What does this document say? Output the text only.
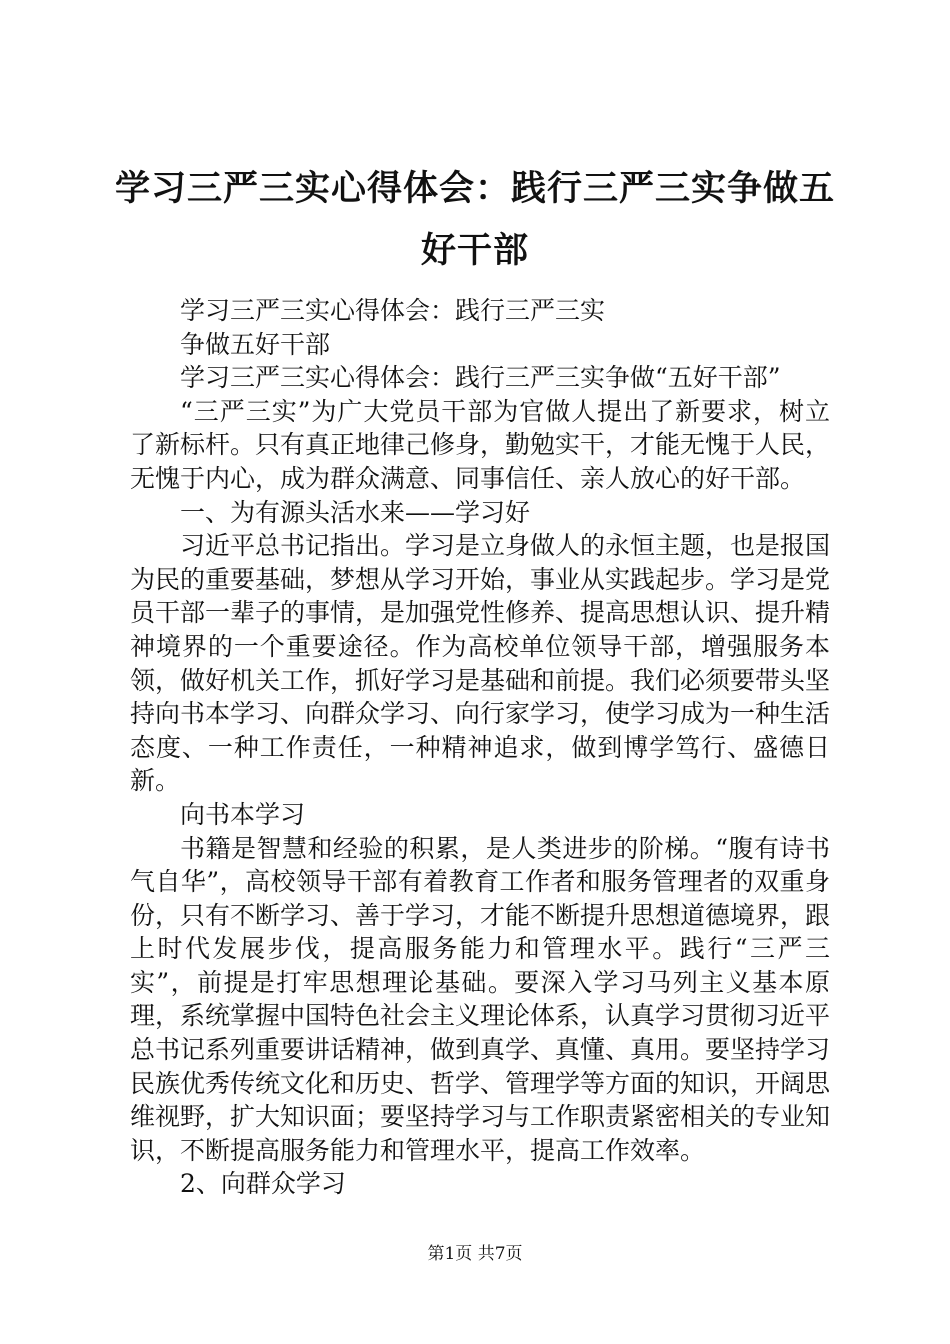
学习三严三实心得体会：践行三严三实争做五好干部

学习三严三实心得体会：践行三严三实

争做五好干部

学习三严三实心得体会：践行三严三实争做“五好干部”

“三严三实”为广大党员干部为官做人提出了新要求，树立了新标杆。只有真正地律己修身，勤勉实干，才能无愧于人民，无愧于内心，成为群众满意、同事信任、亲人放心的好干部。

一、为有源头活水来——学习好

习近平总书记指出。学习是立身做人的永恒主题，也是报国为民的重要基础，梦想从学习开始，事业从实践起步。学习是党员干部一辈子的事情，是加强党性修养、提高思想认识、提升精神境界的一个重要途径。作为高校单位领导干部，增强服务本领，做好机关工作，抓好学习是基础和前提。我们必须要带头坚持向书本学习、向群众学习、向行家学习，使学习成为一种生活态度、一种工作责任，一种精神追求，做到博学笃行、盛德日新。

向书本学习

书籍是智慧和经验的积累，是人类进步的阶梯。“腹有诗书气自华”，高校领导干部有着教育工作者和服务管理者的双重身份，只有不断学习、善于学习，才能不断提升思想道德境界，跟上时代发展步伐，提高服务能力和管理水平。践行“三严三实”，前提是打牢思想理论基础。要深入学习马列主义基本原理，系统掌握中国特色社会主义理论体系，认真学习贯彻习近平总书记系列重要讲话精神，做到真学、真懂、真用。要坚持学习民族优秀传统文化和历史、哲学、管理学等方面的知识，开阔思维视野，扩大知识面；要坚持学习与工作职责紧密相关的专业知识，不断提高服务能力和管理水平，提高工作效率。

2、向群众学习

第1页 共7页
